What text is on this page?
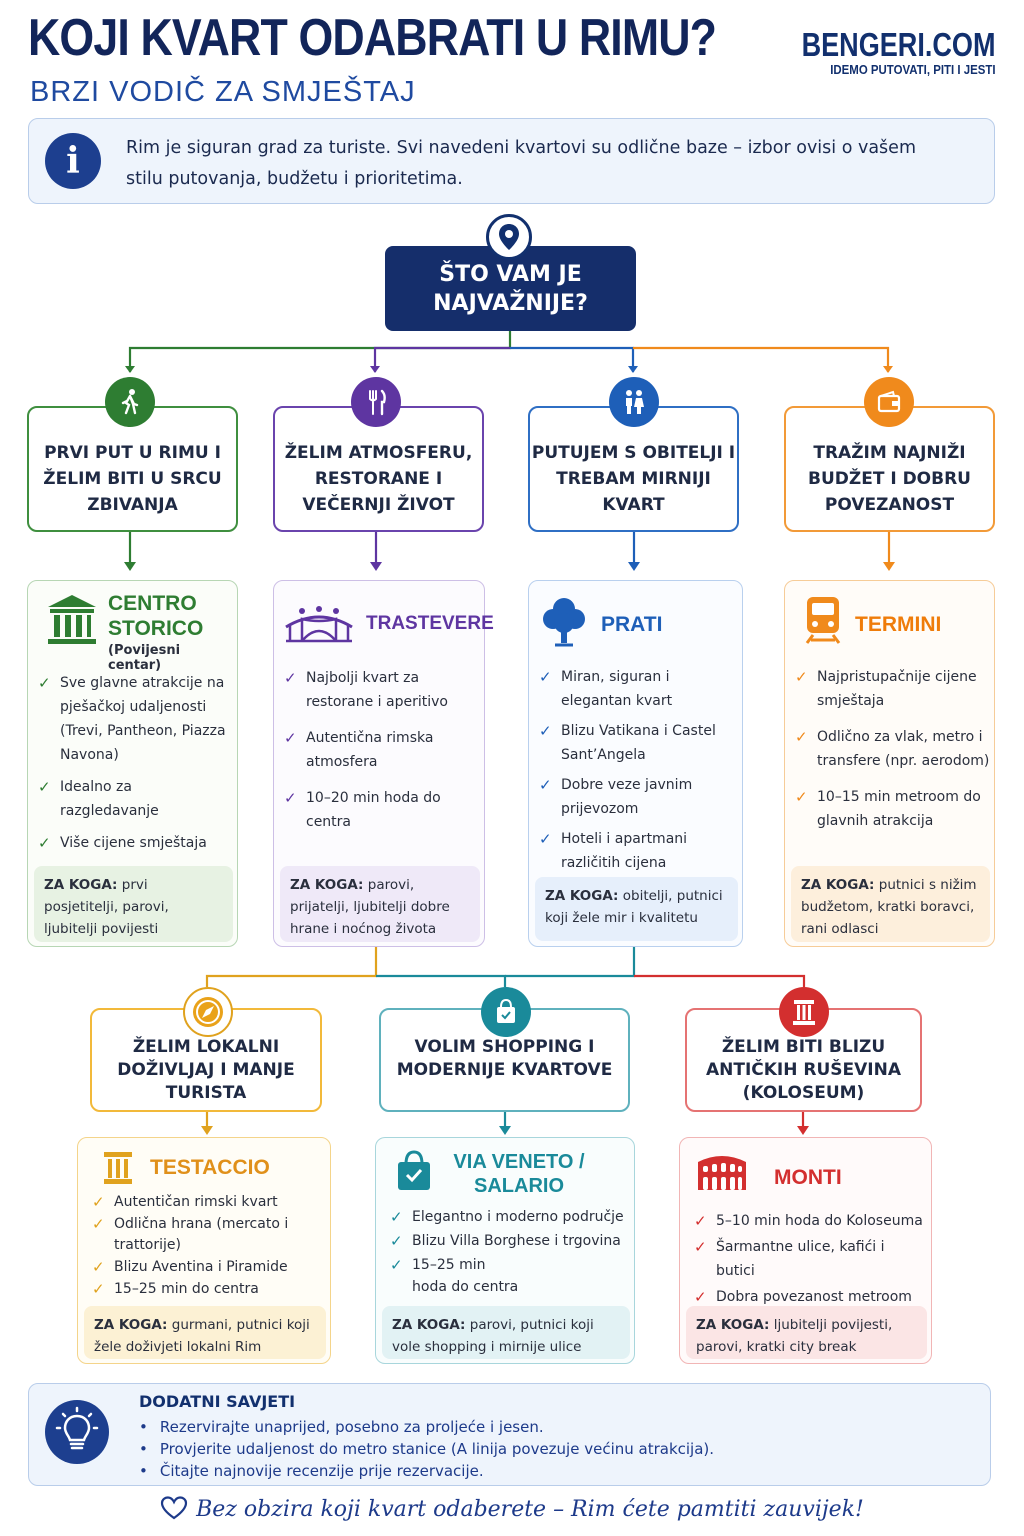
KOJI KVART ODABRATI U RIMU?
BRZI VODIČ ZA SMJEŠTAJ
BENGERI.COM
IDEMO PUTOVATI, PITI I JESTI
i	Rim je siguran grad za turiste. Svi navedeni kvartovi su odlične baze – izbor ovisi o vašem stilu putovanja, budžetu i prioritetima.
ŠTO VAM JE NAJVAŽNIJE?
PRVI PUT U RIMU I ŽELIM BITI U SRCU ZBIVANJA
ŽELIM ATMOSFERU, RESTORANE I VEČERNJI ŽIVOT
PUTUJEM S OBITELJI I TREBAM MIRNIJI KVART
TRAŽIM NAJNIŽI BUDŽET I DOBRU POVEZANOST
CENTRO STORICO
(Povijesni centar)
✓ Sve glavne atrakcije na pješačkoj udaljenosti (Trevi, Pantheon, Piazza Navona)
✓ Idealno za razgledavanje
✓ Više cijene smještaja
ZA KOGA: prvi posjetitelji, parovi, ljubitelji povijesti
TRASTEVERE
✓ Najbolji kvart za restorane i aperitivo
✓ Autentična rimska atmosfera
✓ 10–20 min hoda do centra
ZA KOGA: parovi, prijatelji, ljubitelji dobre hrane i noćnog života
PRATI
✓ Miran, siguran i elegantan kvart
✓ Blizu Vatikana i Castel Sant’Angela
✓ Dobre veze javnim prijevozom
✓ Hoteli i apartmani različitih cijena
ZA KOGA: obitelji, putnici koji žele mir i kvalitetu
TERMINI
✓ Najpristupačnije cijene smještaja
✓ Odlično za vlak, metro i transfere (npr. aerodom)
✓ 10–15 min metroom do glavnih atrakcija
ZA KOGA: putnici s nižim budžetom, kratki boravci, rani odlasci
ŽELIM LOKALNI DOŽIVLJAJ I MANJE TURISTA
VOLIM SHOPPING I MODERNIJE KVARTOVE
ŽELIM BITI BLIZU ANTIČKIH RUŠEVINA (KOLOSEUM)
TESTACCIO
✓ Autentičan rimski kvart
✓ Odlična hrana (mercato i trattorije)
✓ Blizu Aventina i Piramide
✓ 15–25 min do centra
ZA KOGA: gurmani, putnici koji žele doživjeti lokalni Rim
VIA VENETO / SALARIO
✓ Elegantno i moderno područje
✓ Blizu Villa Borghese i trgovina
✓ 15–25 min hoda do centra
ZA KOGA: parovi, putnici koji vole shopping i mirnije ulice
MONTI
✓ 5–10 min hoda do Koloseuma
✓ Šarmantne ulice, kafići i butici
✓ Dobra povezanost metroom
ZA KOGA: ljubitelji povijesti, parovi, kratki city break
DODATNI SAVJETI
• Rezervirajte unaprijed, posebno za proljeće i jesen.
• Provjerite udaljenost do metro stanice (A linija povezuje većinu atrakcija).
• Čitajte najnovije recenzije prije rezervacije.
Bez obzira koji kvart odaberete – Rim ćete pamtiti zauvijek!
